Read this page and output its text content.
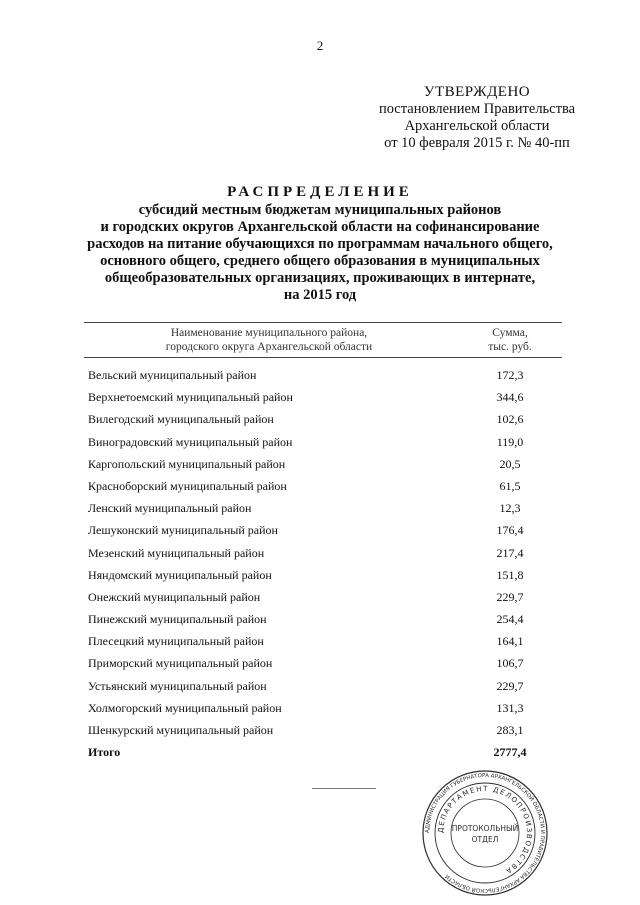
2
УТВЕРЖДЕНО
постановлением Правительства
Архангельской области
от 10 февраля 2015 г. № 40-пп
РАСПРЕДЕЛЕНИЕ
субсидий местным бюджетам муниципальных районов
и городских округов Архангельской области на софинансирование
расходов на питание обучающихся по программам начального общего,
основного общего, среднего общего образования в муниципальных
общеобразовательных организациях, проживающих в интернате,
на 2015 год
Наименование муниципального района,
городского округа Архангельской области
Сумма,
тыс. руб.
Вельский муниципальный район	172,3
Верхнетоемский муниципальный район	344,6
Вилегодский муниципальный район	102,6
Виноградовский муниципальный район	119,0
Каргопольский муниципальный район	20,5
Красноборский муниципальный район	61,5
Ленский муниципальный район	12,3
Лешуконский муниципальный район	176,4
Мезенский муниципальный район	217,4
Няндомский муниципальный район	151,8
Онежский муниципальный район	229,7
Пинежский муниципальный район	254,4
Плесецкий муниципальный район	164,1
Приморский муниципальный район	106,7
Устьянский муниципальный район	229,7
Холмогорский муниципальный район	131,3
Шенкурский муниципальный район	283,1
Итого	2777,4
АДМИНИСТРАЦИЯ ГУБЕРНАТОРА АРХАНГЕЛЬСКОЙ ОБЛАСТИ И ПРАВИТЕЛЬСТВА АРХАНГЕЛЬСКОЙ ОБЛАСТИ
ДЕПАРТАМЕНТ ДЕЛОПРОИЗВОДСТВА
ПРОТОКОЛЬНЫЙ
ОТДЕЛ
